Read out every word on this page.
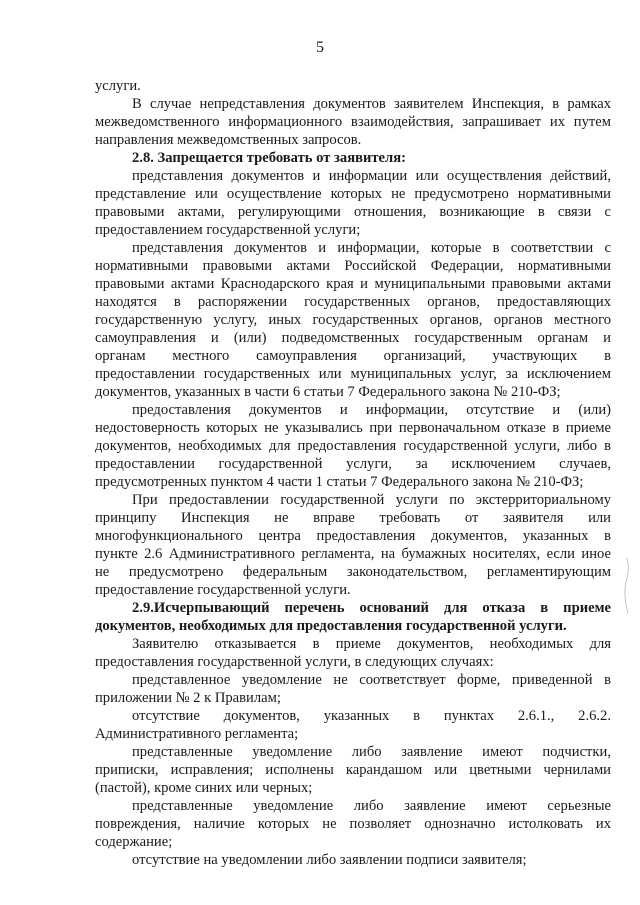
5
услуги.
В случае непредставления документов заявителем Инспекция, в рамках
межведомственного информационного взаимодействия, запрашивает их путем
направления межведомственных запросов.
2.8. Запрещается требовать от заявителя:
представления документов и информации или осуществления действий,
представление или осуществление которых не предусмотрено нормативными
правовыми актами, регулирующими отношения, возникающие в связи с
предоставлением государственной услуги;
представления документов и информации, которые в соответствии с
нормативными правовыми актами Российской Федерации, нормативными
правовыми актами Краснодарского края и муниципальными правовыми актами
находятся в распоряжении государственных органов, предоставляющих
государственную услугу, иных государственных органов, органов местного
самоуправления и (или) подведомственных государственным органам и
органам местного самоуправления организаций, участвующих в
предоставлении государственных или муниципальных услуг, за исключением
документов, указанных в части 6 статьи 7 Федерального закона № 210-ФЗ;
предоставления документов и информации, отсутствие и (или)
недостоверность которых не указывались при первоначальном отказе в приеме
документов, необходимых для предоставления государственной услуги, либо в
предоставлении государственной услуги, за исключением случаев,
предусмотренных пунктом 4 части 1 статьи 7 Федерального закона № 210-ФЗ;
При предоставлении государственной услуги по экстерриториальному
принципу Инспекция не вправе требовать от заявителя или
многофункционального центра предоставления документов, указанных в
пункте 2.6 Административного регламента, на бумажных носителях, если иное
не предусмотрено федеральным законодательством, регламентирующим
предоставление государственной услуги.
2.9.Исчерпывающий перечень оснований для отказа в приеме
документов, необходимых для предоставления государственной услуги.
Заявителю отказывается в приеме документов, необходимых для
предоставления государственной услуги, в следующих случаях:
представленное уведомление не соответствует форме, приведенной в
приложении № 2 к Правилам;
отсутствие документов, указанных в пунктах 2.6.1., 2.6.2.
Административного регламента;
представленные уведомление либо заявление имеют подчистки,
приписки, исправления; исполнены карандашом или цветными чернилами
(пастой), кроме синих или черных;
представленные уведомление либо заявление имеют серьезные
повреждения, наличие которых не позволяет однозначно истолковать их
содержание;
отсутствие на уведомлении либо заявлении подписи заявителя;
